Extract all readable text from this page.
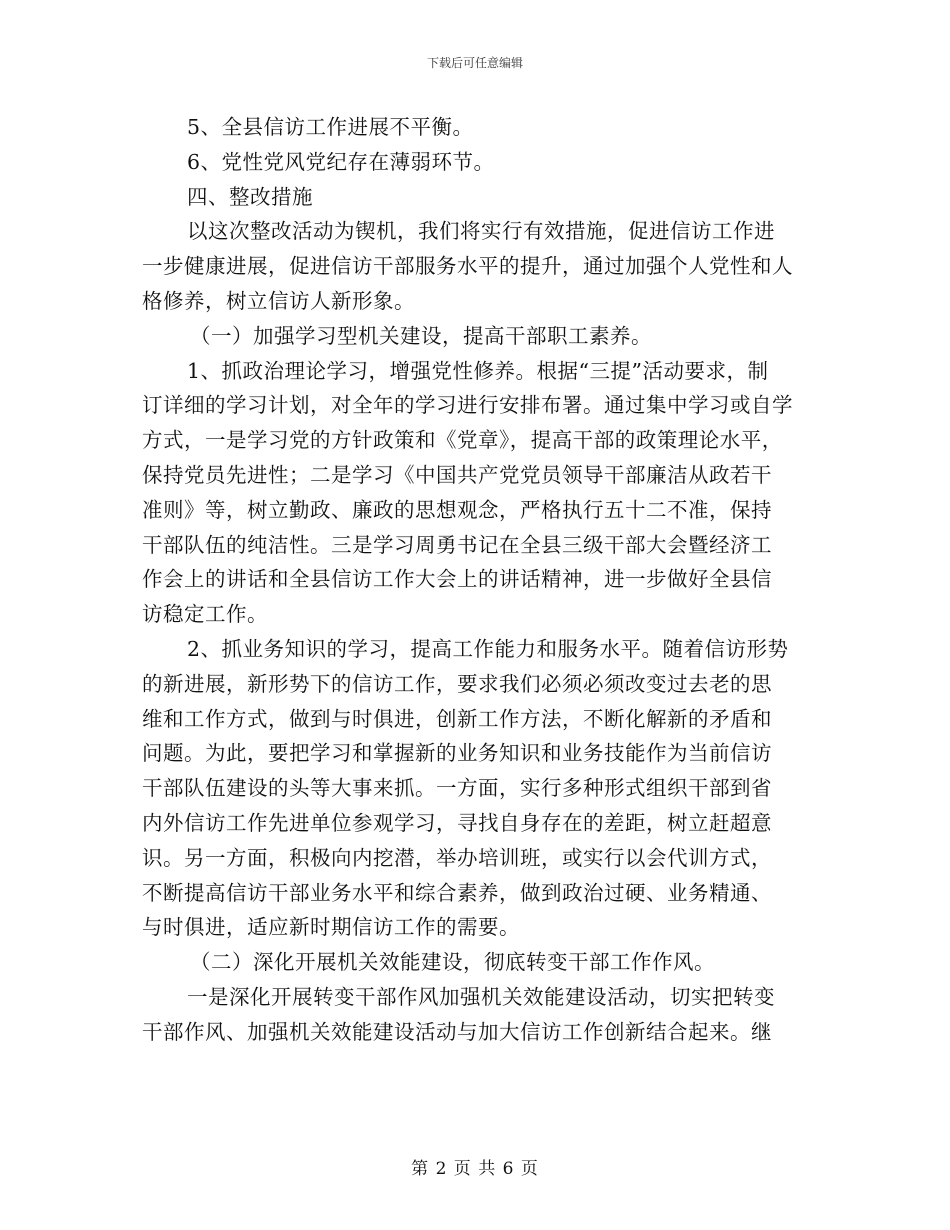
下载后可任意编辑
5、全县信访工作进展不平衡。
6、党性党风党纪存在薄弱环节。
四、整改措施
以这次整改活动为锲机，我们将实行有效措施，促进信访工作进
一步健康进展，促进信访干部服务水平的提升，通过加强个人党性和人
格修养，树立信访人新形象。
（一）加强学习型机关建设，提高干部职工素养。
1、抓政治理论学习，增强党性修养。根据“三提”活动要求，制
订详细的学习计划，对全年的学习进行安排布署。通过集中学习或自学
方式，一是学习党的方针政策和《党章》，提高干部的政策理论水平，
保持党员先进性；二是学习《中国共产党党员领导干部廉洁从政若干
准则》等，树立勤政、廉政的思想观念，严格执行五十二不准，保持
干部队伍的纯洁性。三是学习周勇书记在全县三级干部大会暨经济工
作会上的讲话和全县信访工作大会上的讲话精神，进一步做好全县信
访稳定工作。
2、抓业务知识的学习，提高工作能力和服务水平。随着信访形势
的新进展，新形势下的信访工作，要求我们必须必须改变过去老的思
维和工作方式，做到与时俱进，创新工作方法，不断化解新的矛盾和
问题。为此，要把学习和掌握新的业务知识和业务技能作为当前信访
干部队伍建设的头等大事来抓。一方面，实行多种形式组织干部到省
内外信访工作先进单位参观学习，寻找自身存在的差距，树立赶超意
识。另一方面，积极向内挖潜，举办培训班，或实行以会代训方式，
不断提高信访干部业务水平和综合素养，做到政治过硬、业务精通、
与时俱进，适应新时期信访工作的需要。
（二）深化开展机关效能建设，彻底转变干部工作作风。
一是深化开展转变干部作风加强机关效能建设活动，切实把转变
干部作风、加强机关效能建设活动与加大信访工作创新结合起来。继
第 2 页 共 6 页
